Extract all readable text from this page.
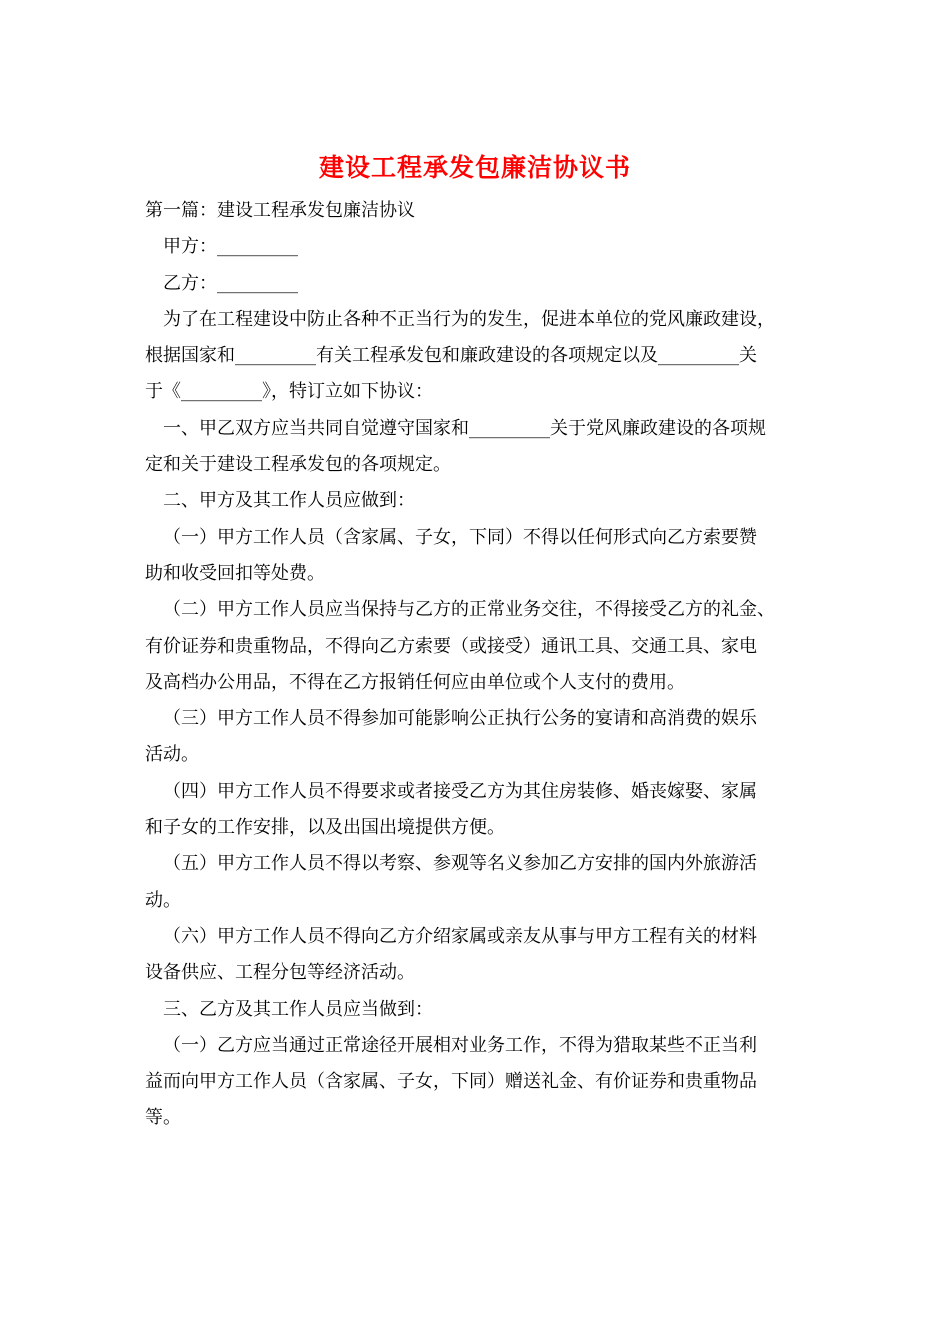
建设工程承发包廉洁协议书

第一篇：建设工程承发包廉洁协议

甲方：_________

乙方：_________

为了在工程建设中防止各种不正当行为的发生，促进本单位的党风廉政建设，

根据国家和_________有关工程承发包和廉政建设的各项规定以及_________关

于《_________》，特订立如下协议：

一、甲乙双方应当共同自觉遵守国家和_________关于党风廉政建设的各项规

定和关于建设工程承发包的各项规定。

二、甲方及其工作人员应做到：

（一）甲方工作人员（含家属、子女，下同）不得以任何形式向乙方索要赞

助和收受回扣等处费。

（二）甲方工作人员应当保持与乙方的正常业务交往，不得接受乙方的礼金、

有价证券和贵重物品，不得向乙方索要（或接受）通讯工具、交通工具、家电

及高档办公用品，不得在乙方报销任何应由单位或个人支付的费用。

（三）甲方工作人员不得参加可能影响公正执行公务的宴请和高消费的娱乐

活动。

（四）甲方工作人员不得要求或者接受乙方为其住房装修、婚丧嫁娶、家属

和子女的工作安排，以及出国出境提供方便。

（五）甲方工作人员不得以考察、参观等名义参加乙方安排的国内外旅游活

动。

（六）甲方工作人员不得向乙方介绍家属或亲友从事与甲方工程有关的材料

设备供应、工程分包等经济活动。

三、乙方及其工作人员应当做到：

（一）乙方应当通过正常途径开展相对业务工作，不得为猎取某些不正当利

益而向甲方工作人员（含家属、子女，下同）赠送礼金、有价证券和贵重物品

等。
